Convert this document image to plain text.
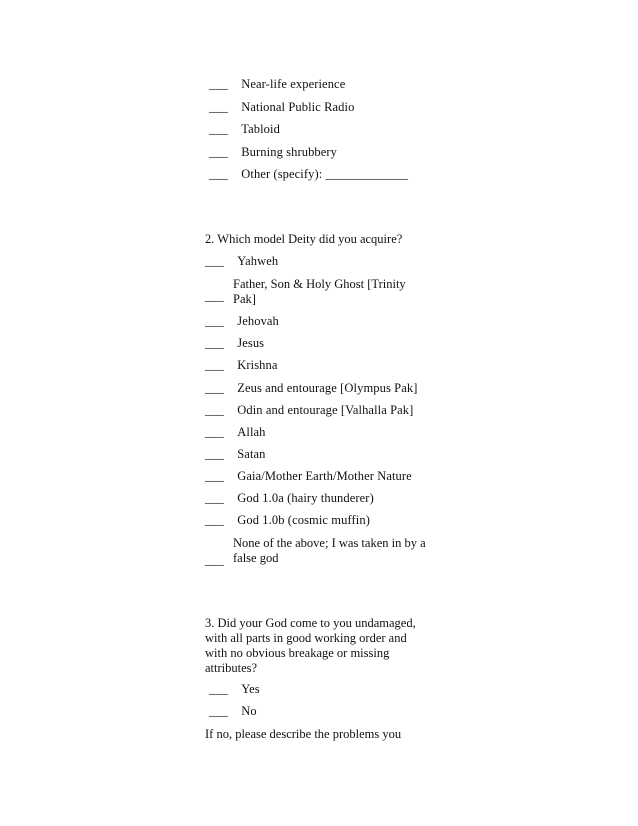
___ Near-life experience
___ National Public Radio
___ Tabloid
___ Burning shrubbery
___ Other (specify): _____________
2. Which model Deity did you acquire?
___ Yahweh
___
Father, Son & Holy Ghost [Trinity Pak]
___ Jehovah
___ Jesus
___ Krishna
___ Zeus and entourage [Olympus Pak]
___ Odin and entourage [Valhalla Pak]
___ Allah
___ Satan
___ Gaia/Mother Earth/Mother Nature
___ God 1.0a (hairy thunderer)
___ God 1.0b (cosmic muffin)
___
None of the above; I was taken in by a false god
3. Did your God come to you undamaged,
with all parts in good working order and
with no obvious breakage or missing
attributes?
___ Yes
___ No
If no, please describe the problems you
